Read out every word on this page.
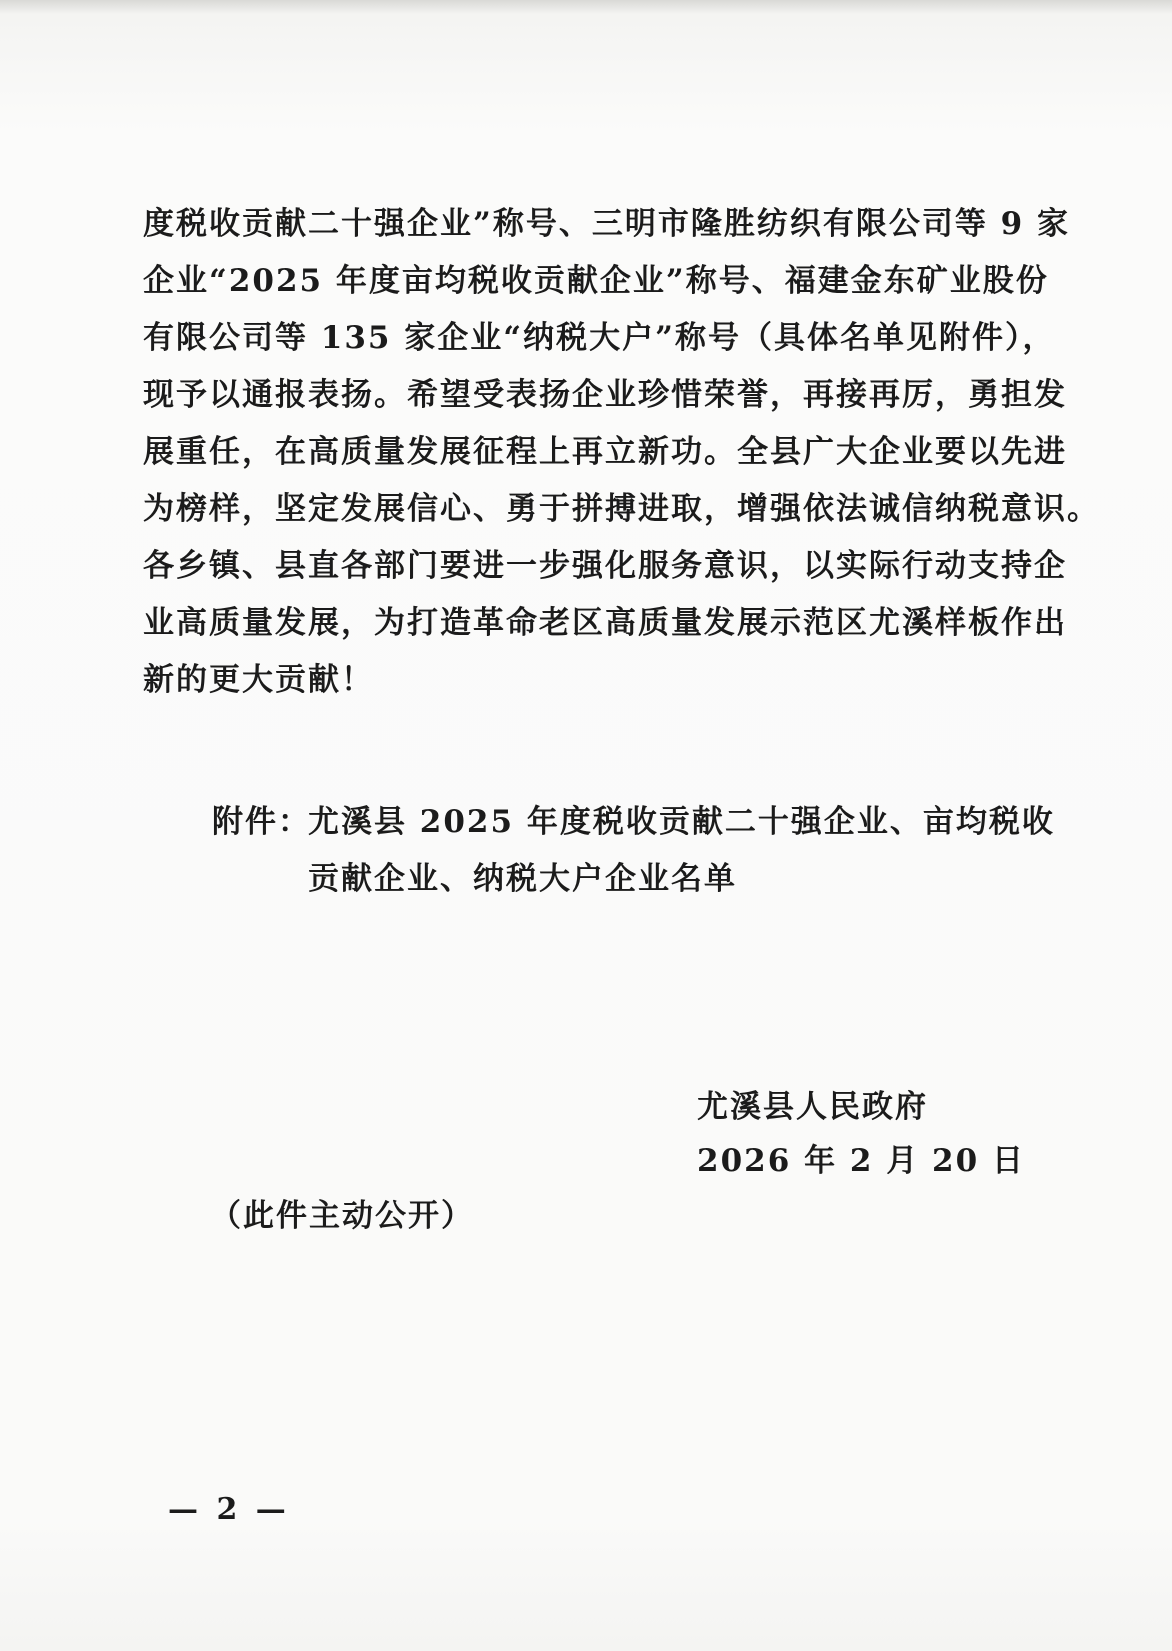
度税收贡献二十强企业”称号、三明市隆胜纺织有限公司等 9 家
企业“2025 年度亩均税收贡献企业”称号、福建金东矿业股份
有限公司等 135 家企业“纳税大户”称号（具体名单见附件），
现予以通报表扬。希望受表扬企业珍惜荣誉，再接再厉，勇担发
展重任，在高质量发展征程上再立新功。全县广大企业要以先进
为榜样，坚定发展信心、勇于拼搏进取，增强依法诚信纳税意识。
各乡镇、县直各部门要进一步强化服务意识，以实际行动支持企
业高质量发展，为打造革命老区高质量发展示范区尤溪样板作出
新的更大贡献！
附件：尤溪县 2025 年度税收贡献二十强企业、亩均税收
贡献企业、纳税大户企业名单
尤溪县人民政府
2026 年 2 月 20 日
（此件主动公开）
— 2 —
